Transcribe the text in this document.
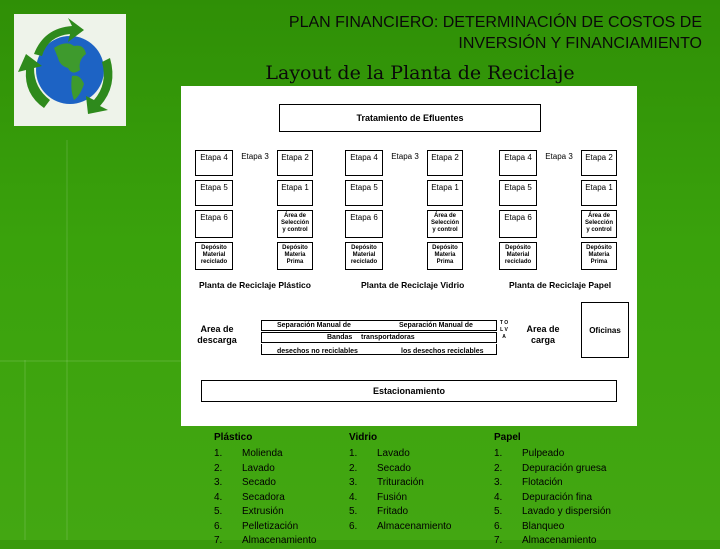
PLAN FINANCIERO: DETERMINACIÓN DE COSTOS DE
INVERSIÓN Y FINANCIAMIENTO
Layout de la Planta de Reciclaje
Tratamiento de Efluentes
Etapa 4	Etapa 3	Etapa 2
Etapa 5	Etapa 1
Etapa 6	Área de Selección y control
Depósito Material reciclado
Depósito Materia Prima
Etapa 4	Etapa 3	Etapa 2
Etapa 5	Etapa 1
Etapa 6	Área de Selección y control
Depósito Material reciclado
Depósito Materia Prima
Etapa 4	Etapa 3	Etapa 2
Etapa 5	Etapa 1
Etapa 6	Área de Selección y control
Depósito Material reciclado
Depósito Materia Prima
Planta de Reciclaje Plástico	Planta de Reciclaje Vidrio	Planta de Reciclaje Papel
Area de descarga
Area de carga
Oficinas
Separación Manual de	Separación Manual de
Bandas transportadoras
desechos no reciclables	los desechos reciclables
T O L V A
Estacionamiento
Plástico
1. Molienda
2. Lavado
3. Secado
4. Secadora
5. Extrusión
6. Pelletización
7. Almacenamiento
Vidrio
1. Lavado
2. Secado
3. Trituración
4. Fusión
5. Fritado
6. Almacenamiento
Papel
1. Pulpeado
2. Depuración gruesa
3. Flotación
4. Depuración fina
5. Lavado y dispersión
6. Blanqueo
7. Almacenamiento
